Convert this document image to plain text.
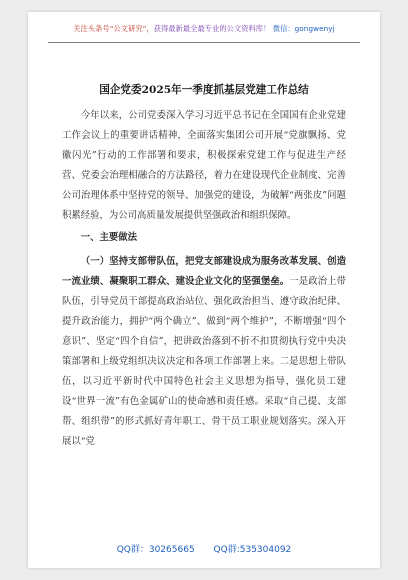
关注头条号“公文研究”，获得最新最全最专业的公文资料库！ 微信：gongwenyj
国企党委2025年一季度抓基层党建工作总结

今年以来，公司党委深入学习习近平总书记在全国国有企业党建工作会议上的重要讲话精神，全面落实集团公司开展“党旗飘扬、党徽闪光”行动的工作部署和要求，积极探索党建工作与促进生产经营、党委会治理相融合的方法路径，着力在建设现代企业制度、完善公司治理体系中坚持党的领导、加强党的建设，为破解“两张皮”问题积累经验，为公司高质量发展提供坚强政治和组织保障。

一、主要做法

（一）坚持支部带队伍，把党支部建设成为服务改革发展、创造一流业绩、凝聚职工群众、建设企业文化的坚强堡垒。一是政治上带队伍，引导党员干部提高政治站位、强化政治担当、遵守政治纪律、提升政治能力，拥护“两个确立”、做到“两个维护”，不断增强“四个意识”、坚定“四个自信”，把讲政治落到不折不扣贯彻执行党中央决策部署和上级党组织决议决定和各项工作部署上来。二是思想上带队伍，以习近平新时代中国特色社会主义思想为指导，强化员工建设“世界一流”有色金属矿山的使命感和责任感。采取“自己提、支部帮、组织带”的形式抓好青年职工、骨干员工职业规划落实。深入开展以“党

QQ群：30265665 QQ群:535304092
